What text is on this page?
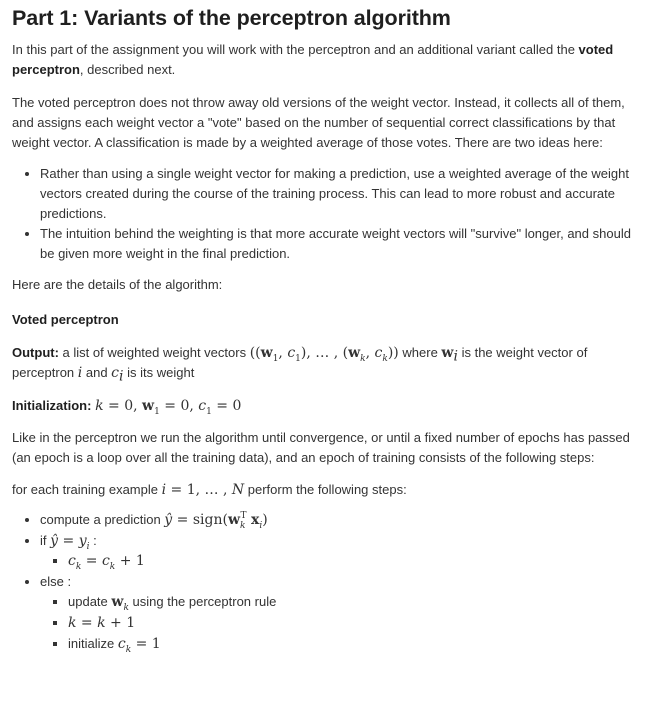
Part 1: Variants of the perceptron algorithm

In this part of the assignment you will work with the perceptron and an additional variant called the voted perceptron, described next.

The voted perceptron does not throw away old versions of the weight vector. Instead, it collects all of them, and assigns each weight vector a "vote" based on the number of sequential correct classifications by that weight vector. A classification is made by a weighted average of those votes. There are two ideas here:

• Rather than using a single weight vector for making a prediction, use a weighted average of the weight vectors created during the course of the training process. This can lead to more robust and accurate predictions.
• The intuition behind the weighting is that more accurate weight vectors will "survive" longer, and should be given more weight in the final prediction.

Here are the details of the algorithm:

Voted perceptron

Output: a list of weighted weight vectors (($w_1$, $c_1$), … , ($w_k$, $c_k$)) where $w_i$ is the weight vector of perceptron i and $c_i$ is its weight

Initialization: k = 0, $w_1 = 0$, $c_1 = 0$

Like in the perceptron we run the algorithm until convergence, or until a fixed number of epochs has passed (an epoch is a loop over all the training data), and an epoch of training consists of the following steps:

for each training example i = 1, … , N perform the following steps:

• compute a prediction ŷ = $sign(w_k^T$ $x_i$)
• if ŷ = $y_i$ :
▪ $c_k = c_k + 1$
• else :
▪ update $w_k$ using the perceptron rule
▪ k = k + 1
▪ initialize $c_k = 1$
